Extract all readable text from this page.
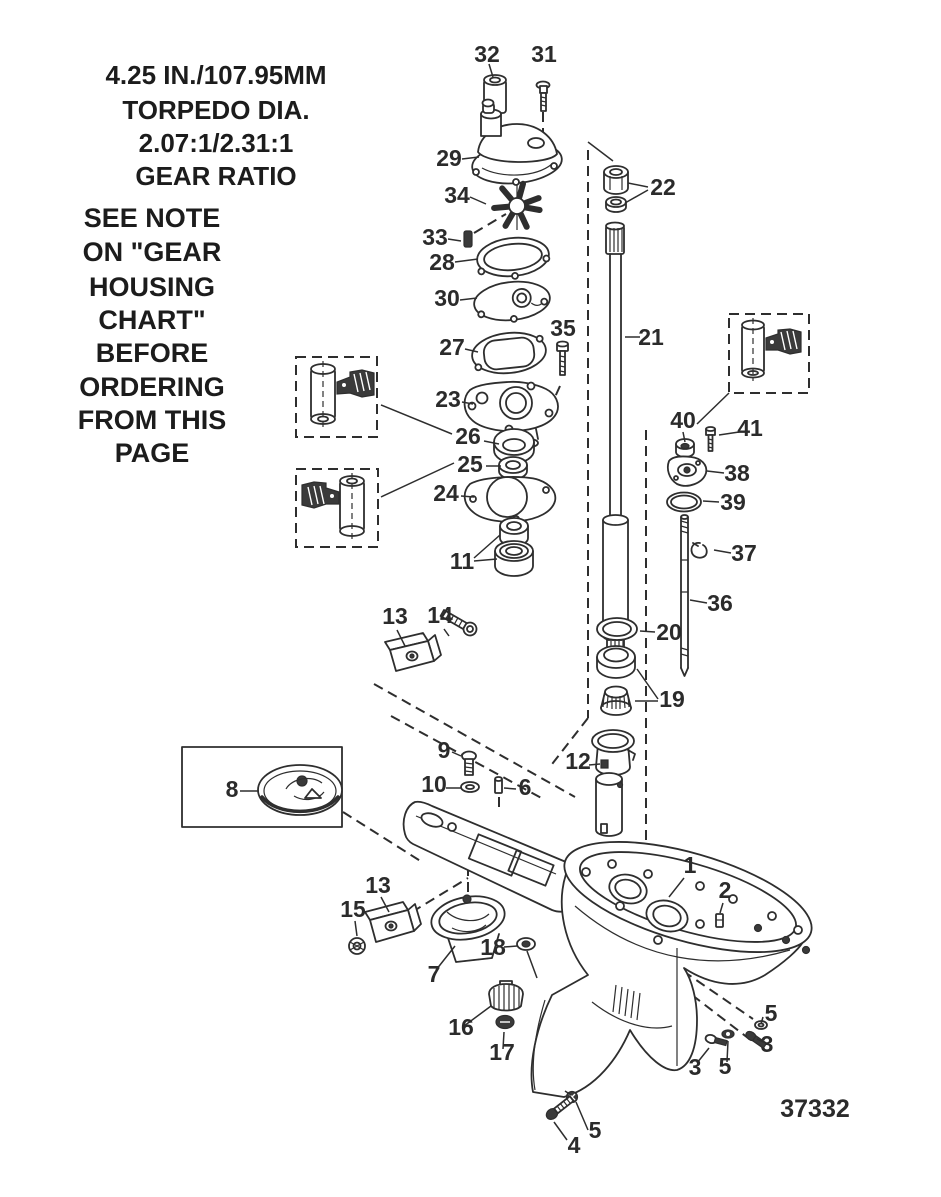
32 31
29
34
33
28
30
27
35
22
21
23
26
25
24
11
13 14
20
19
12
36
37
39
38
40 41
9
10	6
8
1
2
15
13
7
18
16
17
5
3
3 5
5
4
4.25 IN./107.95MM
TORPEDO DIA.
2.07:1/2.31:1
GEAR RATIO
SEE NOTE
ON "GEAR
HOUSING
CHART"
BEFORE
ORDERING
FROM THIS
PAGE
37332
